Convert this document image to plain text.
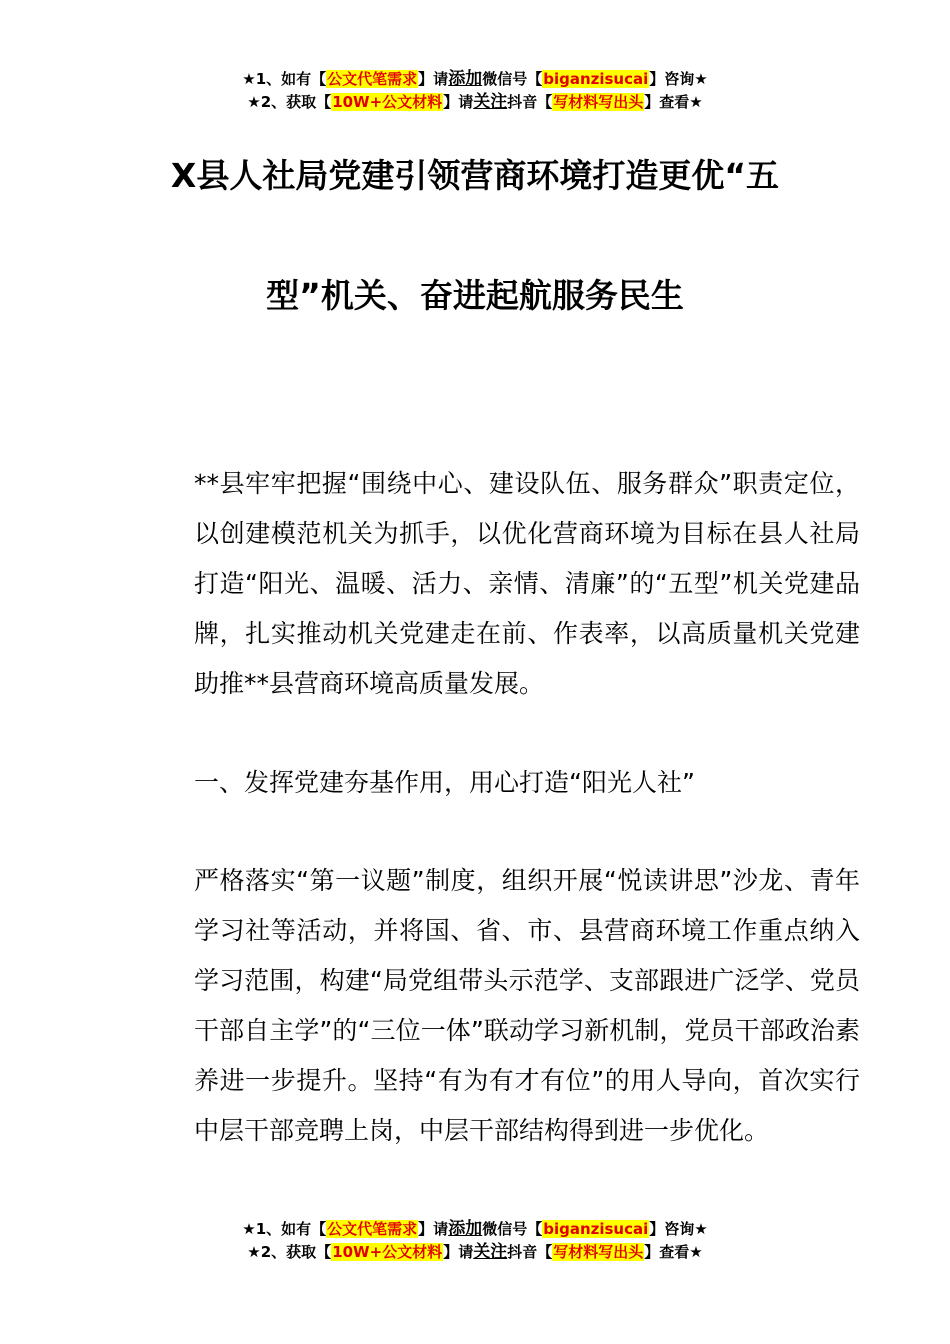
★1、如有【公文代笔需求】请添加微信号【biganzisucai】咨询★
★2、获取【10W+公文材料】请关注抖音【写材料写出头】查看★
X县人社局党建引领营商环境打造更优“五
型”机关、奋进起航服务民生
**县牢牢把握“围绕中心、建设队伍、服务群众”职责定位，以创建模范机关为抓手，以优化营商环境为目标在县人社局打造“阳光、温暖、活力、亲情、清廉”的“五型”机关党建品牌，扎实推动机关党建走在前、作表率，以高质量机关党建助推**县营商环境高质量发展。
一、发挥党建夯基作用，用心打造“阳光人社”
严格落实“第一议题”制度，组织开展“悦读讲思”沙龙、青年学习社等活动，并将国、省、市、县营商环境工作重点纳入学习范围，构建“局党组带头示范学、支部跟进广泛学、党员干部自主学”的“三位一体”联动学习新机制，党员干部政治素养进一步提升。坚持“有为有才有位”的用人导向，首次实行中层干部竞聘上岗，中层干部结构得到进一步优化。
★1、如有【公文代笔需求】请添加微信号【biganzisucai】咨询★
★2、获取【10W+公文材料】请关注抖音【写材料写出头】查看★
